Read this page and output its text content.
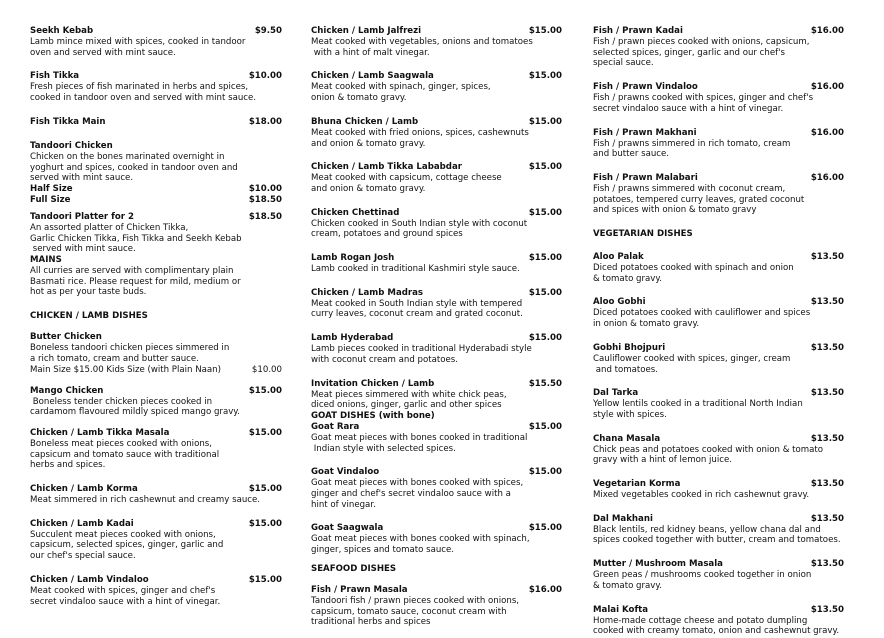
Seekh Kebab	$9.50
Lamb mince mixed with spices, cooked in tandoor
oven and served with mint sauce.
Fish Tikka	$10.00
Fresh pieces of fish marinated in herbs and spices,
cooked in tandoor oven and served with mint sauce.
Fish Tikka Main	$18.00
Tandoori Chicken
Chicken on the bones marinated overnight in
yoghurt and spices, cooked in tandoor oven and
served with mint sauce.
Half Size	$10.00
Full Size	$18.50
Tandoori Platter for 2	$18.50
An assorted platter of Chicken Tikka,
Garlic Chicken Tikka, Fish Tikka and Seekh Kebab
served with mint sauce.
MAINS
All curries are served with complimentary plain
Basmati rice. Please request for mild, medium or
hot as per your taste buds.
CHICKEN / LAMB DISHES
Butter Chicken
Boneless tandoori chicken pieces simmered in
a rich tomato, cream and butter sauce.
Main Size $15.00 Kids Size (with Plain Naan)	$10.00
Mango Chicken	$15.00
Boneless tender chicken pieces cooked in
cardamom flavoured mildly spiced mango gravy.
Chicken / Lamb Tikka Masala	$15.00
Boneless meat pieces cooked with onions,
capsicum and tomato sauce with traditional
herbs and spices.
Chicken / Lamb Korma	$15.00
Meat simmered in rich cashewnut and creamy sauce.
Chicken / Lamb Kadai	$15.00
Succulent meat pieces cooked with onions,
capsicum, selected spices, ginger, garlic and
our chef's special sauce.
Chicken / Lamb Vindaloo	$15.00
Meat cooked with spices, ginger and chef's
secret vindaloo sauce with a hint of vinegar.
Chicken / Lamb Jalfrezi	$15.00
Meat cooked with vegetables, onions and tomatoes
with a hint of malt vinegar.
Chicken / Lamb Saagwala	$15.00
Meat cooked with spinach, ginger, spices,
onion & tomato gravy.
Bhuna Chicken / Lamb	$15.00
Meat cooked with fried onions, spices, cashewnuts
and onion & tomato gravy.
Chicken / Lamb Tikka Lababdar	$15.00
Meat cooked with capsicum, cottage cheese
and onion & tomato gravy.
Chicken Chettinad	$15.00
Chicken cooked in South Indian style with coconut
cream, potatoes and ground spices
Lamb Rogan Josh	$15.00
Lamb cooked in traditional Kashmiri style sauce.
Chicken / Lamb Madras	$15.00
Meat cooked in South Indian style with tempered
curry leaves, coconut cream and grated coconut.
Lamb Hyderabad	$15.00
Lamb pieces cooked in traditional Hyderabadi style
with coconut cream and potatoes.
Invitation Chicken / Lamb	$15.50
Meat pieces simmered with white chick peas,
diced onions, ginger, garlic and other spices
GOAT DISHES (with bone)
Goat Rara	$15.00
Goat meat pieces with bones cooked in traditional
Indian style with selected spices.
Goat Vindaloo	$15.00
Goat meat pieces with bones cooked with spices,
ginger and chef's secret vindaloo sauce with a
hint of vinegar.
Goat Saagwala	$15.00
Goat meat pieces with bones cooked with spinach,
ginger, spices and tomato sauce.
SEAFOOD DISHES
Fish / Prawn Masala	$16.00
Tandoori fish / prawn pieces cooked with onions,
capsicum, tomato sauce, coconut cream with
traditional herbs and spices
Fish / Prawn Kadai	$16.00
Fish / prawn pieces cooked with onions, capsicum,
selected spices, ginger, garlic and our chef's
special sauce.
Fish / Prawn Vindaloo	$16.00
Fish / prawns cooked with spices, ginger and chef's
secret vindaloo sauce with a hint of vinegar.
Fish / Prawn Makhani	$16.00
Fish / prawns simmered in rich tomato, cream
and butter sauce.
Fish / Prawn Malabari	$16.00
Fish / prawns simmered with coconut cream,
potatoes, tempered curry leaves, grated coconut
and spices with onion & tomato gravy
VEGETARIAN DISHES
Aloo Palak	$13.50
Diced potatoes cooked with spinach and onion
& tomato gravy.
Aloo Gobhi	$13.50
Diced potatoes cooked with cauliflower and spices
in onion & tomato gravy.
Gobhi Bhojpuri	$13.50
Cauliflower cooked with spices, ginger, cream
and tomatoes.
Dal Tarka	$13.50
Yellow lentils cooked in a traditional North Indian
style with spices.
Chana Masala	$13.50
Chick peas and potatoes cooked with onion & tomato
gravy with a hint of lemon juice.
Vegetarian Korma	$13.50
Mixed vegetables cooked in rich cashewnut gravy.
Dal Makhani	$13.50
Black lentils, red kidney beans, yellow chana dal and
spices cooked together with butter, cream and tomatoes.
Mutter / Mushroom Masala	$13.50
Green peas / mushrooms cooked together in onion
& tomato gravy.
Malai Kofta	$13.50
Home-made cottage cheese and potato dumpling
cooked with creamy tomato, onion and cashewnut gravy.
